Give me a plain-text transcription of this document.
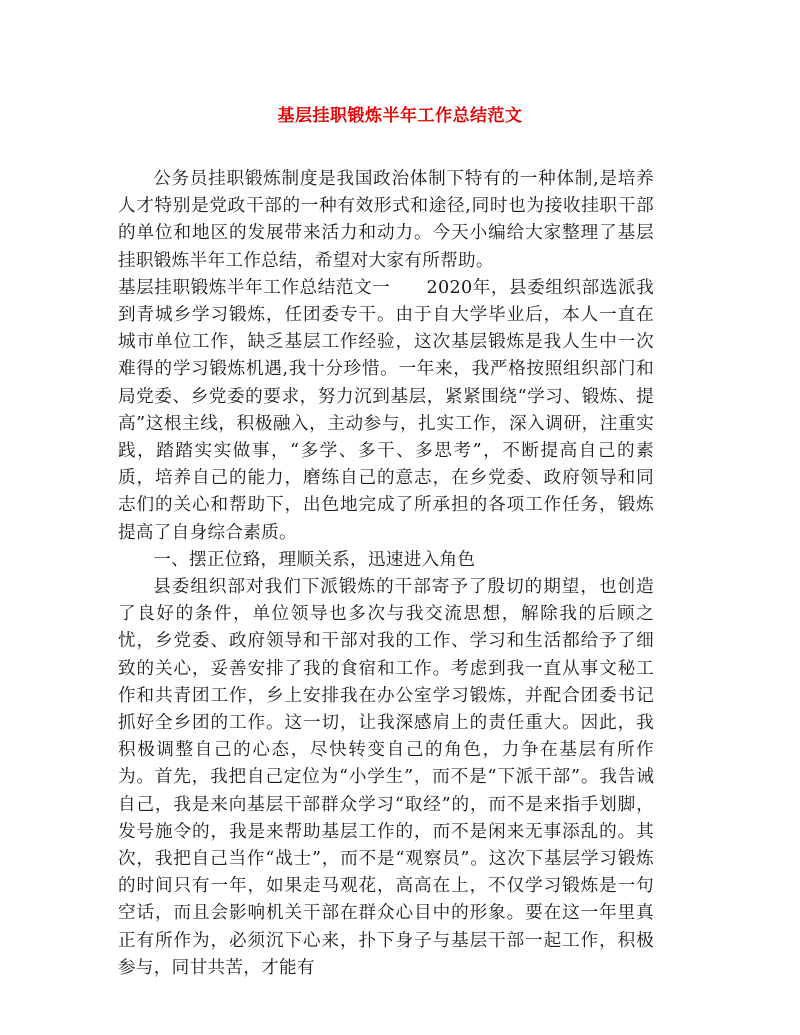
基层挂职锻炼半年工作总结范文

公务员挂职锻炼制度是我国政治体制下特有的一种体制,是培养人才特别是党政干部的一种有效形式和途径,同时也为接收挂职干部的单位和地区的发展带来活力和动力。今天小编给大家整理了基层挂职锻炼半年工作总结，希望对大家有所帮助。

基层挂职锻炼半年工作总结范文一　　2020年，县委组织部选派我到青城乡学习锻炼，任团委专干。由于自大学毕业后，本人一直在城市单位工作，缺乏基层工作经验，这次基层锻炼是我人生中一次难得的学习锻炼机遇,我十分珍惜。一年来，我严格按照组织部门和局党委、乡党委的要求，努力沉到基层，紧紧围绕“学习、锻炼、提高”这根主线，积极融入，主动参与，扎实工作，深入调研，注重实践，踏踏实实做事，“多学、多干、多思考”，不断提高自己的素质，培养自己的能力，磨练自己的意志，在乡党委、政府领导和同志们的关心和帮助下，出色地完成了所承担的各项工作任务，锻炼提高了自身综合素质。

一、摆正位臵，理顺关系，迅速进入角色

县委组织部对我们下派锻炼的干部寄予了殷切的期望，也创造了良好的条件，单位领导也多次与我交流思想，解除我的后顾之忧，乡党委、政府领导和干部对我的工作、学习和生活都给予了细致的关心，妥善安排了我的食宿和工作。考虑到我一直从事文秘工作和共青团工作，乡上安排我在办公室学习锻炼，并配合团委书记抓好全乡团的工作。这一切，让我深感肩上的责任重大。因此，我积极调整自己的心态，尽快转变自己的角色，力争在基层有所作为。首先，我把自己定位为“小学生”，而不是“下派干部”。我告诫自己，我是来向基层干部群众学习“取经”的，而不是来指手划脚，发号施令的，我是来帮助基层工作的，而不是闲来无事添乱的。其次，我把自己当作“战士”，而不是“观察员”。这次下基层学习锻炼的时间只有一年，如果走马观花，高高在上，不仅学习锻炼是一句空话，而且会影响机关干部在群众心目中的形象。要在这一年里真正有所作为，必须沉下心来，扑下身子与基层干部一起工作，积极参与，同甘共苦，才能有
